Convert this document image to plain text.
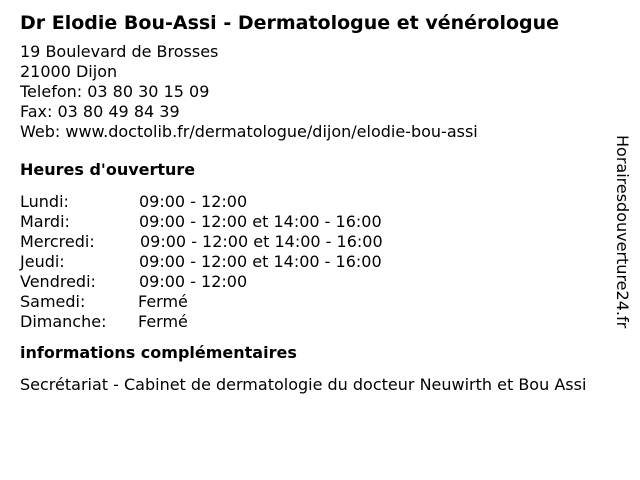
Dr Elodie Bou-Assi - Dermatologue et vénérologue
19 Boulevard de Brosses
21000 Dijon
Telefon: 03 80 30 15 09
Fax: 03 80 49 84 39
Web: www.doctolib.fr/dermatologue/dijon/elodie-bou-assi
Heures d'ouverture
Lundi:	09:00 - 12:00
Mardi:	09:00 - 12:00 et 14:00 - 16:00
Mercredi:	09:00 - 12:00 et 14:00 - 16:00
Jeudi:	09:00 - 12:00 et 14:00 - 16:00
Vendredi:	09:00 - 12:00
Samedi:	Fermé
Dimanche:	Fermé
informations complémentaires
Secrétariat - Cabinet de dermatologie du docteur Neuwirth et Bou Assi
Horairesdouverture24.fr
